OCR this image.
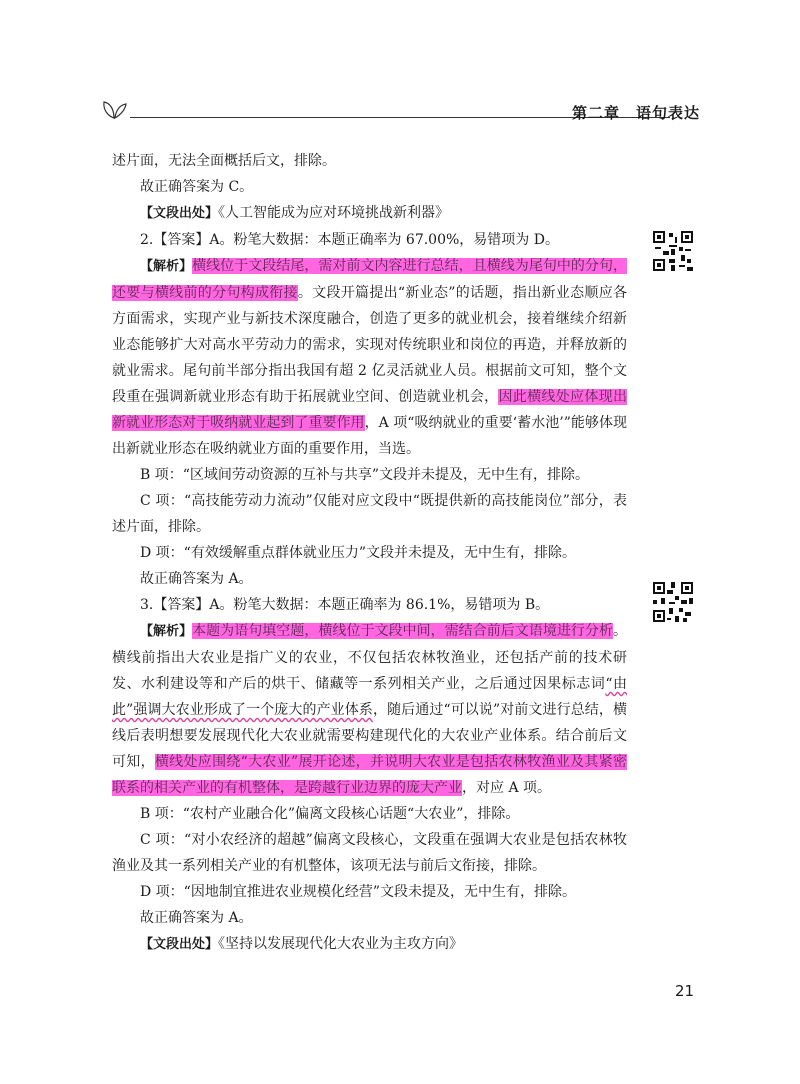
第二章　语句表达

述片面，无法全面概括后文，排除。

故正确答案为 C。

【文段出处】《人工智能成为应对环境挑战新利器》

2.【答案】A。粉笔大数据：本题正确率为 67.00%，易错项为 D。

【解析】横线位于文段结尾，需对前文内容进行总结，且横线为尾句中的分句，还要与横线前的分句构成衔接。文段开篇提出“新业态”的话题，指出新业态顺应各方面需求，实现产业与新技术深度融合，创造了更多的就业机会，接着继续介绍新业态能够扩大对高水平劳动力的需求，实现对传统职业和岗位的再造，并释放新的就业需求。尾句前半部分指出我国有超 2 亿灵活就业人员。根据前文可知，整个文段重在强调新就业形态有助于拓展就业空间、创造就业机会，因此横线处应体现出新就业形态对于吸纳就业起到了重要作用，A 项“吸纳就业的重要‘蓄水池’”能够体现出新就业形态在吸纳就业方面的重要作用，当选。

B 项：“区域间劳动资源的互补与共享”文段并未提及，无中生有，排除。

C 项：“高技能劳动力流动”仅能对应文段中“既提供新的高技能岗位”部分，表述片面，排除。

D 项：“有效缓解重点群体就业压力”文段并未提及，无中生有，排除。

故正确答案为 A。

3.【答案】A。粉笔大数据：本题正确率为 86.1%，易错项为 B。

【解析】本题为语句填空题，横线位于文段中间，需结合前后文语境进行分析。横线前指出大农业是指广义的农业，不仅包括农林牧渔业，还包括产前的技术研发、水利建设等和产后的烘干、储藏等一系列相关产业，之后通过因果标志词“由此”强调大农业形成了一个庞大的产业体系，随后通过“可以说”对前文进行总结，横线后表明想要发展现代化大农业就需要构建现代化的大农业产业体系。结合前后文可知，横线处应围绕“大农业”展开论述，并说明大农业是包括农林牧渔业及其紧密联系的相关产业的有机整体，是跨越行业边界的庞大产业，对应 A 项。

B 项：“农村产业融合化”偏离文段核心话题“大农业”，排除。

C 项：“对小农经济的超越”偏离文段核心，文段重在强调大农业是包括农林牧渔业及其一系列相关产业的有机整体，该项无法与前后文衔接，排除。

D 项：“因地制宜推进农业规模化经营”文段未提及，无中生有，排除。

故正确答案为 A。

【文段出处】《坚持以发展现代化大农业为主攻方向》

21
